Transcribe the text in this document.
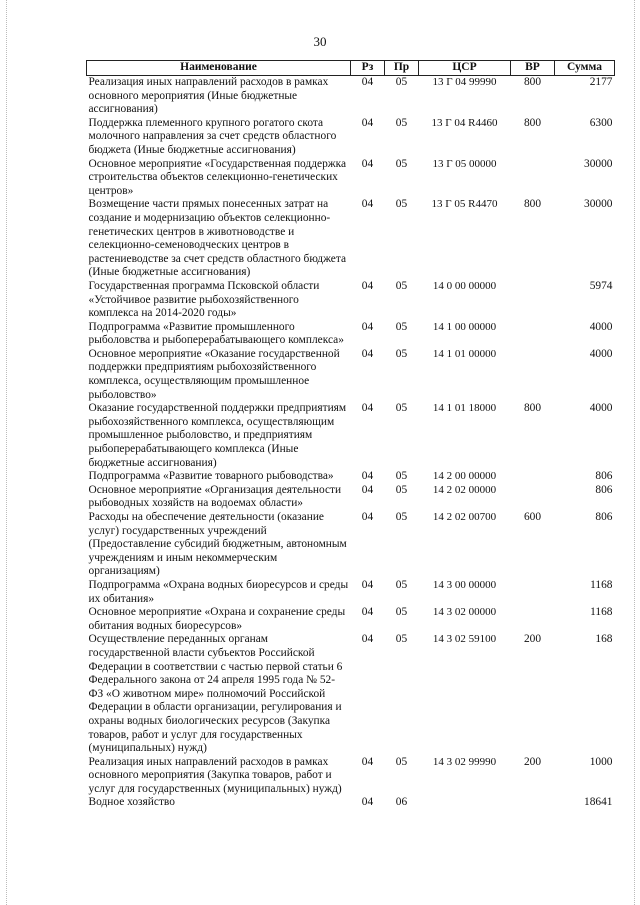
30
Наименование	Рз	Пр	ЦСР	ВР	Сумма
Реализация иных направлений расходов в рамках основного мероприятия (Иные бюджетные ассигнования)	04	05	13 Г 04 99990	800	2177
Поддержка племенного крупного рогатого скота молочного направления за счет средств областного бюджета (Иные бюджетные ассигнования)	04	05	13 Г 04 R4460	800	6300
Основное мероприятие «Государственная поддержка строительства объектов селекционно-генетических центров»	04	05	13 Г 05 00000		30000
Возмещение части прямых понесенных затрат на создание и модернизацию объектов селекционно-генетических центров в животноводстве и селекционно-семеноводческих центров в растениеводстве за счет средств областного бюджета (Иные бюджетные ассигнования)	04	05	13 Г 05 R4470	800	30000
Государственная программа Псковской области «Устойчивое развитие рыбохозяйственного комплекса на 2014-2020 годы»	04	05	14 0 00 00000		5974
Подпрограмма «Развитие промышленного рыболовства и рыбоперерабатывающего комплекса»	04	05	14 1 00 00000		4000
Основное мероприятие «Оказание государственной поддержки предприятиям рыбохозяйственного комплекса, осуществляющим промышленное рыболовство»	04	05	14 1 01 00000		4000
Оказание государственной поддержки предприятиям рыбохозяйственного комплекса, осуществляющим промышленное рыболовство, и предприятиям рыбоперерабатывающего комплекса (Иные бюджетные ассигнования)	04	05	14 1 01 18000	800	4000
Подпрограмма «Развитие товарного рыбоводства»	04	05	14 2 00 00000		806
Основное мероприятие «Организация деятельности рыбоводных хозяйств на водоемах области»	04	05	14 2 02 00000		806
Расходы на обеспечение деятельности (оказание услуг) государственных учреждений (Предоставление субсидий бюджетным, автономным учреждениям и иным некоммерческим организациям)	04	05	14 2 02 00700	600	806
Подпрограмма «Охрана водных биоресурсов и среды их обитания»	04	05	14 3 00 00000		1168
Основное мероприятие «Охрана и сохранение среды обитания водных биоресурсов»	04	05	14 3 02 00000		1168
Осуществление переданных органам государственной власти субъектов Российской Федерации в соответствии с частью первой статьи 6 Федерального закона от 24 апреля 1995 года № 52-ФЗ «О животном мире» полномочий Российской Федерации в области организации, регулирования и охраны водных биологических ресурсов (Закупка товаров, работ и услуг для государственных (муниципальных) нужд)	04	05	14 3 02 59100	200	168
Реализация иных направлений расходов в рамках основного мероприятия (Закупка товаров, работ и услуг для государственных (муниципальных) нужд)	04	05	14 3 02 99990	200	1000
Водное хозяйство	04	06			18641
